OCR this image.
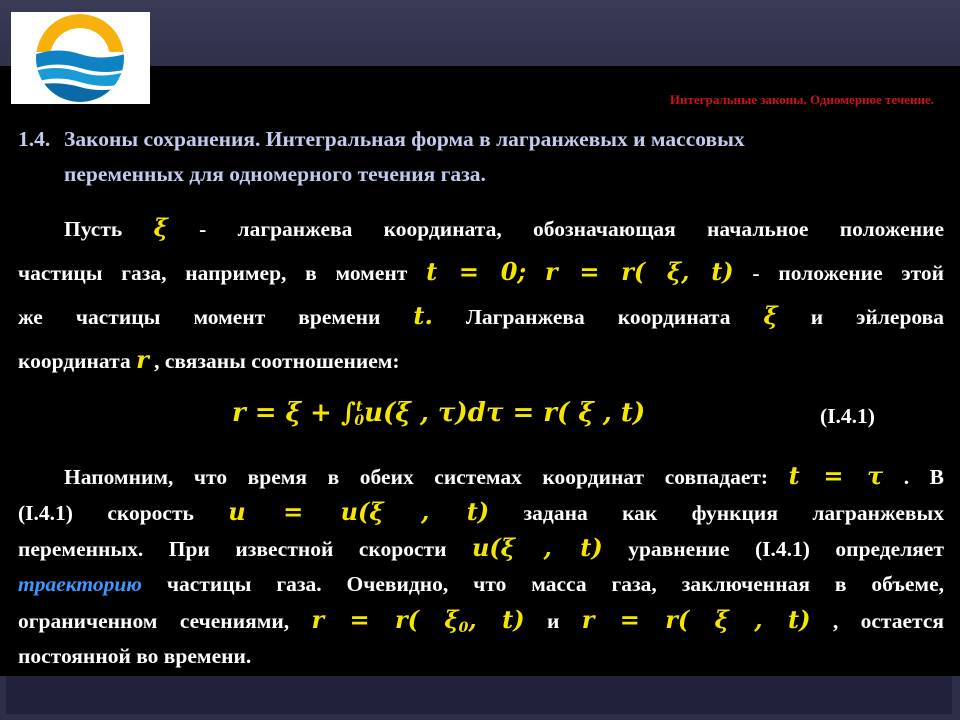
Интегральные законы. Одномерное течение.
1.4. Законы сохранения. Интегральная форма в лагранжевых и массовых
переменных для одномерного течения газа.
Пусть ξ - лагранжева координата, обозначающая начальное положение
частицы газа, например, в момент t = 0; r = r( ξ, t) - положение этой
же частицы момент времени t. Лагранжева координата ξ и эйлерова
координата r , связаны соотношением:
r = ξ + ∫$^t_0$u(ξ , τ)dτ = r( ξ , t)	(I.4.1)
Напомним, что время в обеих системах координат совпадает: t = τ . В
(I.4.1) скорость u = u(ξ , t) задана как функция лагранжевых
переменных. При известной скорости u(ξ , t) уравнение (I.4.1) определяет
траекторию частицы газа. Очевидно, что масса газа, заключенная в объеме,
ограниченном сечениями, r = r( $\xi_0$, t) и r = r( ξ , t) , остается
постоянной во времени.
